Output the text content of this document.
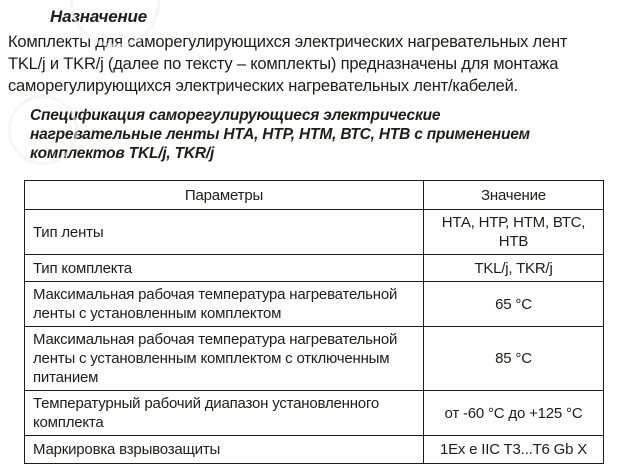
Назначение
Комплекты для саморегулирующихся электрических нагревательных лент
TKL/j и TKR/j (далее по тексту – комплекты) предназначены для монтажа
саморегулирующихся электрических нагревательных лент/кабелей.
Спецификация саморегулирующиеся электрические
нагревательные ленты НТА, НТР, НТМ, ВТС, НТВ с применением
комплектов TKL/j, TKR/j
Параметры	Значение
Тип ленты	НТА, НТР, НТМ, ВТС, НТВ
Тип комплекта	TKL/j, TKR/j
Максимальная рабочая температура нагревательной ленты с установленным комплектом	65 °C
Максимальная рабочая температура нагревательной ленты с установленным комплектом с отключенным питанием	85 °C
Температурный рабочий диапазон установленного комплекта	от -60 °C до +125 °C
Маркировка взрывозащиты	1Ex e IIC T3...T6 Gb X
